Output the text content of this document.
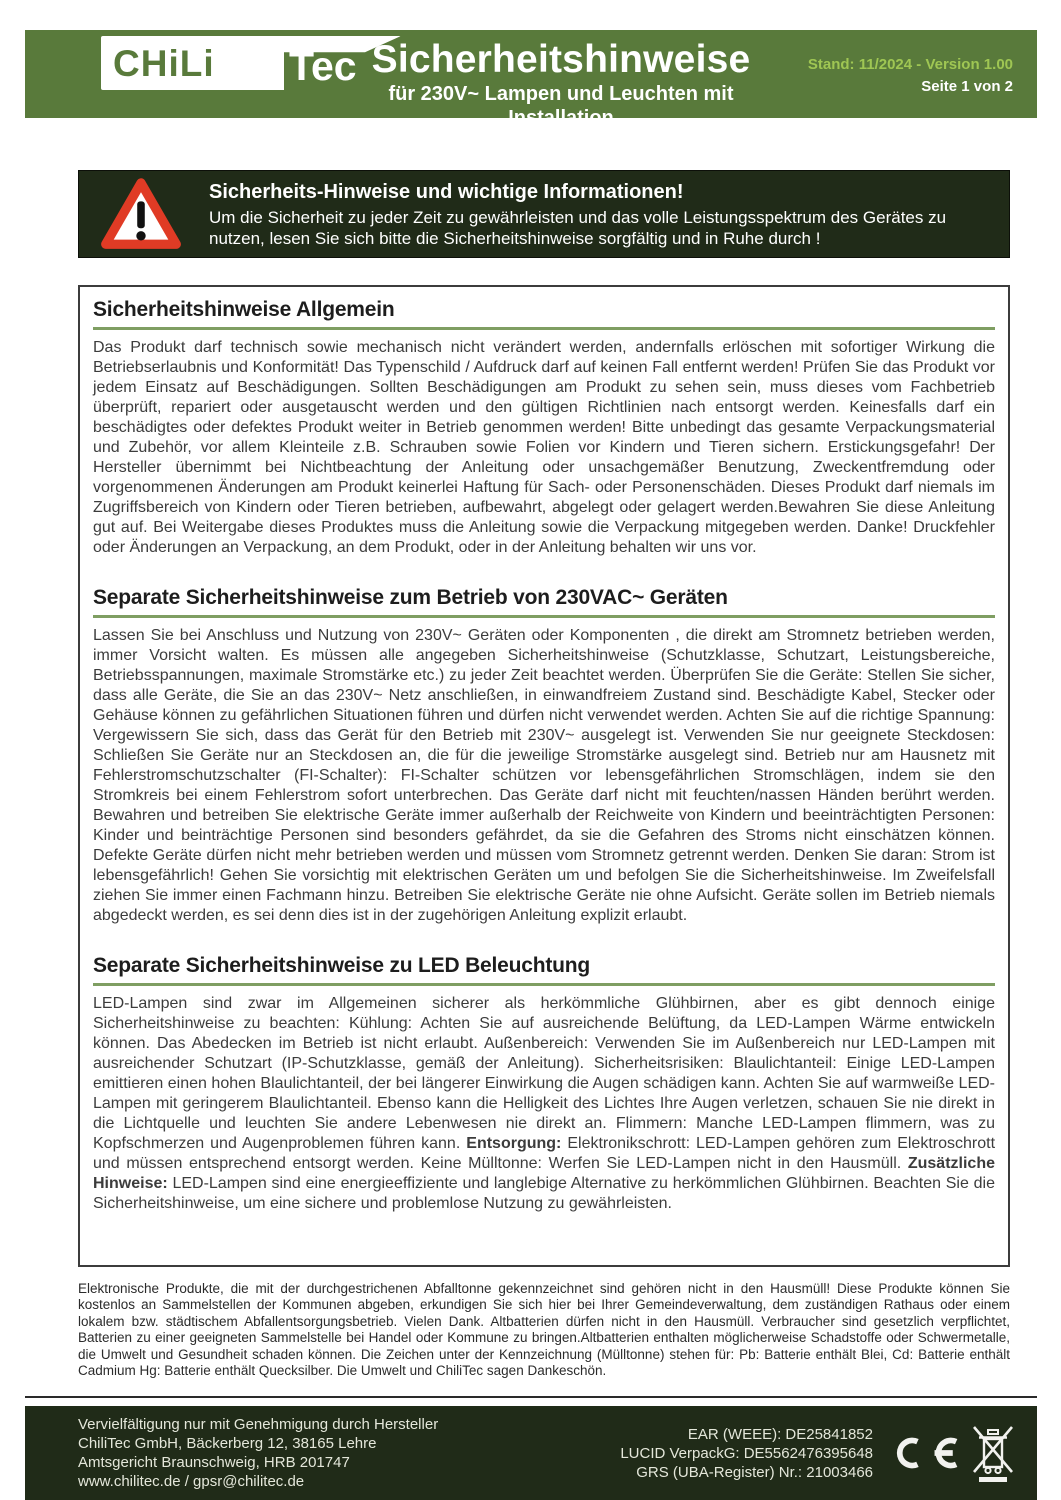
CHiLi Tec Sicherheitshinweise
für 230V~ Lampen und Leuchten mit Installation
Stand: 11/2024 - Version 1.00
Seite 1 von 2
Sicherheits-Hinweise und wichtige Informationen!
Um die Sicherheit zu jeder Zeit zu gewährleisten und das volle Leistungsspektrum des Gerätes zu nutzen, lesen Sie sich bitte die Sicherheitshinweise sorgfältig und in Ruhe durch !
Sicherheitshinweise Allgemein
Das Produkt darf technisch sowie mechanisch nicht verändert werden, andernfalls erlöschen mit sofortiger Wirkung die Betriebserlaubnis und Konformität! Das Typenschild / Aufdruck darf auf keinen Fall entfernt werden! Prüfen Sie das Produkt vor jedem Einsatz auf Beschädigungen. Sollten Beschädigungen am Produkt zu sehen sein, muss dieses vom Fachbetrieb überprüft, repariert oder ausgetauscht werden und den gültigen Richtlinien nach entsorgt werden. Keinesfalls darf ein beschädigtes oder defektes Produkt weiter in Betrieb genommen werden! Bitte unbedingt das gesamte Verpackungsmaterial und Zubehör, vor allem Kleinteile z.B. Schrauben sowie Folien vor Kindern und Tieren sichern. Erstickungsgefahr! Der Hersteller übernimmt bei Nichtbeachtung der Anleitung oder unsachgemäßer Benutzung, Zweckentfremdung oder vorgenommenen Änderungen am Produkt keinerlei Haftung für Sach- oder Personenschäden. Dieses Produkt darf niemals im Zugriffsbereich von Kindern oder Tieren betrieben, aufbewahrt, abgelegt oder gelagert werden.Bewahren Sie diese Anleitung gut auf. Bei Weitergabe dieses Produktes muss die Anleitung sowie die Verpackung mitgegeben werden. Danke! Druckfehler oder Änderungen an Verpackung, an dem Produkt, oder in der Anleitung behalten wir uns vor.
Separate Sicherheitshinweise zum Betrieb von 230VAC~ Geräten
Lassen Sie bei Anschluss und Nutzung von 230V~ Geräten oder Komponenten , die direkt am Stromnetz betrieben werden, immer Vorsicht walten. Es müssen alle angegeben Sicherheitshinweise (Schutzklasse, Schutzart, Leistungsbereiche, Betriebsspannungen, maximale Stromstärke etc.) zu jeder Zeit beachtet werden. Überprüfen Sie die Geräte: Stellen Sie sicher, dass alle Geräte, die Sie an das 230V~ Netz anschließen, in einwandfreiem Zustand sind. Beschädigte Kabel, Stecker oder Gehäuse können zu gefährlichen Situationen führen und dürfen nicht verwendet werden. Achten Sie auf die richtige Spannung: Vergewissern Sie sich, dass das Gerät für den Betrieb mit 230V~ ausgelegt ist. Verwenden Sie nur geeignete Steckdosen: Schließen Sie Geräte nur an Steckdosen an, die für die jeweilige Stromstärke ausgelegt sind. Betrieb nur am Hausnetz mit Fehlerstromschutzschalter (FI-Schalter): FI-Schalter schützen vor lebensgefährlichen Stromschlägen, indem sie den Stromkreis bei einem Fehlerstrom sofort unterbrechen. Das Geräte darf nicht mit feuchten/nassen Händen berührt werden. Bewahren und betreiben Sie elektrische Geräte immer außerhalb der Reichweite von Kindern und beeinträchtigten Personen: Kinder und beinträchtige Personen sind besonders gefährdet, da sie die Gefahren des Stroms nicht einschätzen können. Defekte Geräte dürfen nicht mehr betrieben werden und müssen vom Stromnetz getrennt werden. Denken Sie daran: Strom ist lebensgefährlich! Gehen Sie vorsichtig mit elektrischen Geräten um und befolgen Sie die Sicherheitshinweise. Im Zweifelsfall ziehen Sie immer einen Fachmann hinzu. Betreiben Sie elektrische Geräte nie ohne Aufsicht. Geräte sollen im Betrieb niemals abgedeckt werden, es sei denn dies ist in der zugehörigen Anleitung explizit erlaubt.
Separate Sicherheitshinweise zu LED Beleuchtung
LED-Lampen sind zwar im Allgemeinen sicherer als herkömmliche Glühbirnen, aber es gibt dennoch einige Sicherheitshinweise zu beachten: Kühlung: Achten Sie auf ausreichende Belüftung, da LED-Lampen Wärme entwickeln können. Das Abedecken im Betrieb ist nicht erlaubt. Außenbereich: Verwenden Sie im Außenbereich nur LED-Lampen mit ausreichender Schutzart (IP-Schutzklasse, gemäß der Anleitung). Sicherheitsrisiken: Blaulichtanteil: Einige LED-Lampen emittieren einen hohen Blaulichtanteil, der bei längerer Einwirkung die Augen schädigen kann. Achten Sie auf warmweiße LED-Lampen mit geringerem Blaulichtanteil. Ebenso kann die Helligkeit des Lichtes Ihre Augen verletzen, schauen Sie nie direkt in die Lichtquelle und leuchten Sie andere Lebenwesen nie direkt an. Flimmern: Manche LED-Lampen flimmern, was zu Kopfschmerzen und Augenproblemen führen kann. Entsorgung: Elektronikschrott: LED-Lampen gehören zum Elektroschrott und müssen entsprechend entsorgt werden. Keine Mülltonne: Werfen Sie LED-Lampen nicht in den Hausmüll. Zusätzliche Hinweise: LED-Lampen sind eine energieeffiziente und langlebige Alternative zu herkömmlichen Glühbirnen. Beachten Sie die Sicherheitshinweise, um eine sichere und problemlose Nutzung zu gewährleisten.
Elektronische Produkte, die mit der durchgestrichenen Abfalltonne gekennzeichnet sind gehören nicht in den Hausmüll! Diese Produkte können Sie kostenlos an Sammelstellen der Kommunen abgeben, erkundigen Sie sich hier bei Ihrer Gemeindeverwaltung, dem zuständigen Rathaus oder einem lokalem bzw. städtischem Abfallentsorgungsbetrieb. Vielen Dank. Altbatterien dürfen nicht in den Hausmüll. Verbraucher sind gesetzlich verpflichtet, Batterien zu einer geeigneten Sammelstelle bei Handel oder Kommune zu bringen.Altbatterien enthalten möglicherweise Schadstoffe oder Schwermetalle, die Umwelt und Gesundheit schaden können. Die Zeichen unter der Kennzeichnung (Mülltonne) stehen für: Pb: Batterie enthält Blei, Cd: Batterie enthält Cadmium Hg: Batterie enthält Quecksilber. Die Umwelt und ChiliTec sagen Dankeschön.
Vervielfältigung nur mit Genehmigung durch Hersteller
ChiliTec GmbH, Bäckerberg 12, 38165 Lehre
Amtsgericht Braunschweig, HRB 201747
www.chilitec.de / gpsr@chilitec.de
EAR (WEEE): DE25841852
LUCID VerpackG: DE5562476395648
GRS (UBA-Register) Nr.: 21003466
